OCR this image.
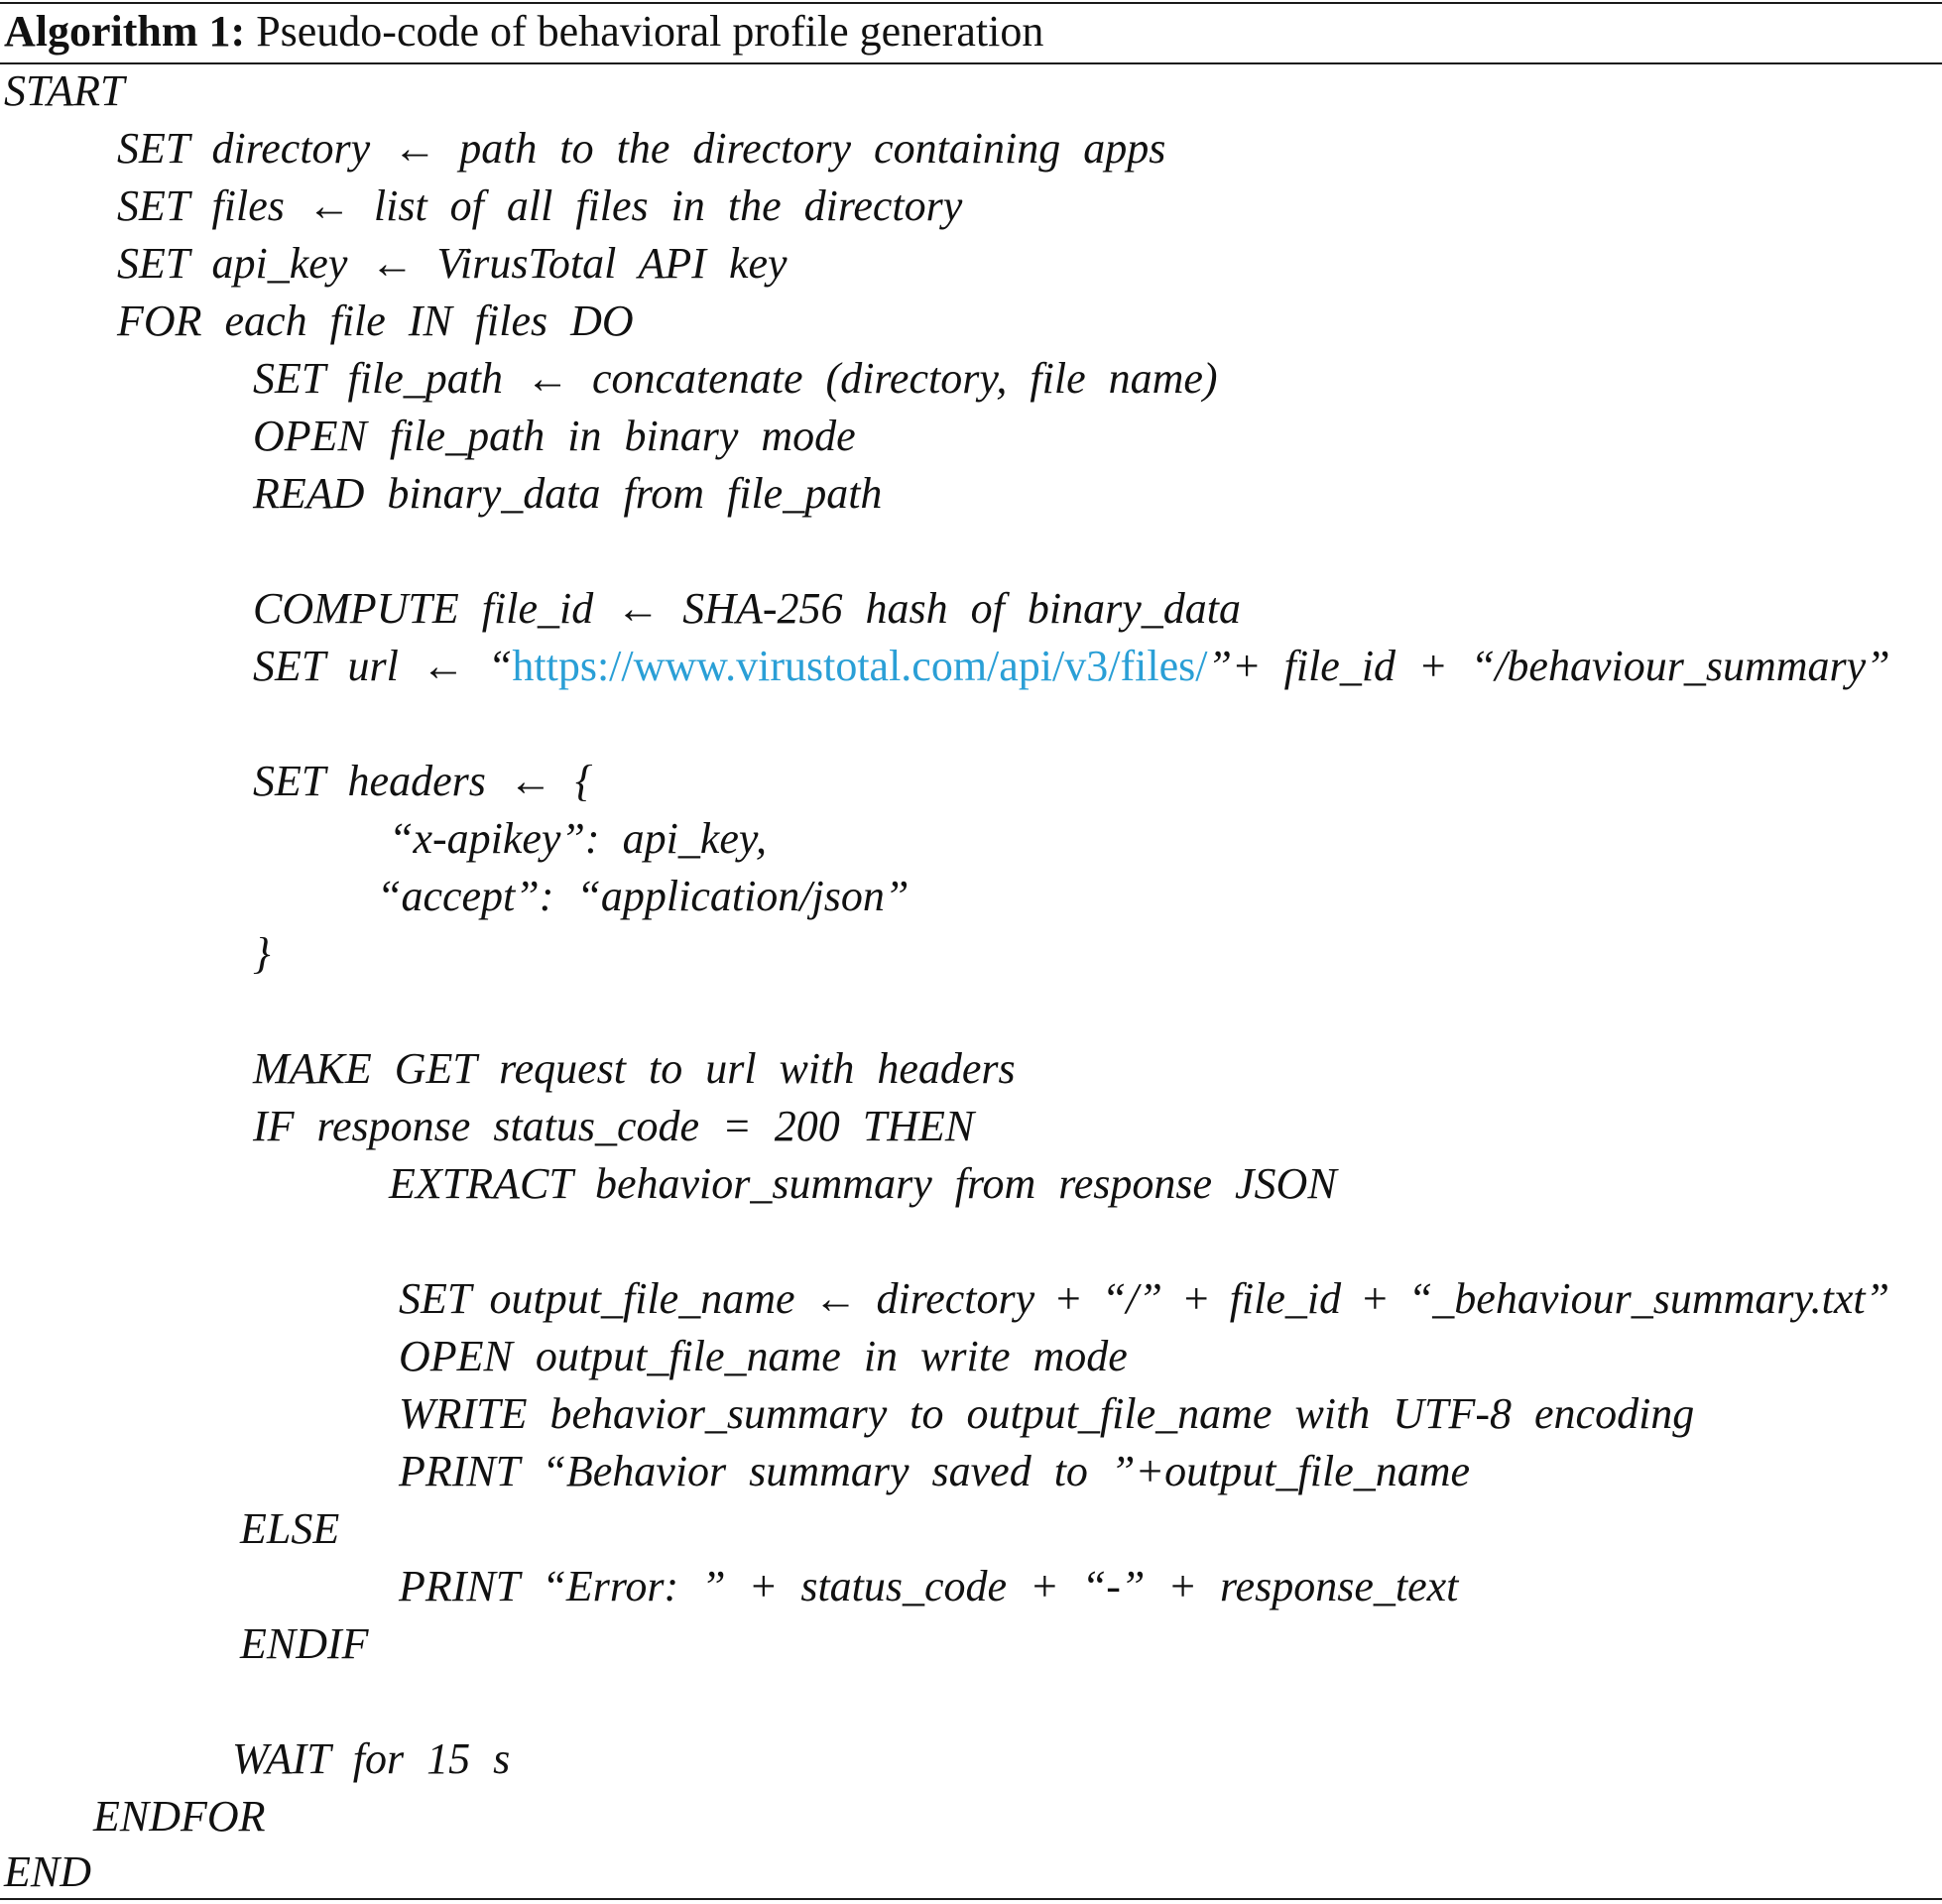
Algorithm 1: Pseudo-code of behavioral profile generation
START
SET directory ← path to the directory containing apps
SET files ← list of all files in the directory
SET api_key ← VirusTotal API key
FOR each file IN files DO
SET file_path ← concatenate (directory, file name)
OPEN file_path in binary mode
READ binary_data from file_path
COMPUTE file_id ← SHA-256 hash of binary_data
SET url ← “https://www.virustotal.com/api/v3/files/”+ file_id + “/behaviour_summary”
SET headers ← {
“x-apikey”: api_key,
“accept”: “application/json”
}
MAKE GET request to url with headers
IF response status_code = 200 THEN
EXTRACT behavior_summary from response JSON
SET output_file_name ← directory + “/” + file_id + “_behaviour_summary.txt”
OPEN output_file_name in write mode
WRITE behavior_summary to output_file_name with UTF-8 encoding
PRINT “Behavior summary saved to ”+output_file_name
ELSE
PRINT “Error: ” + status_code + “-” + response_text
ENDIF
WAIT for 15 s
ENDFOR
END
